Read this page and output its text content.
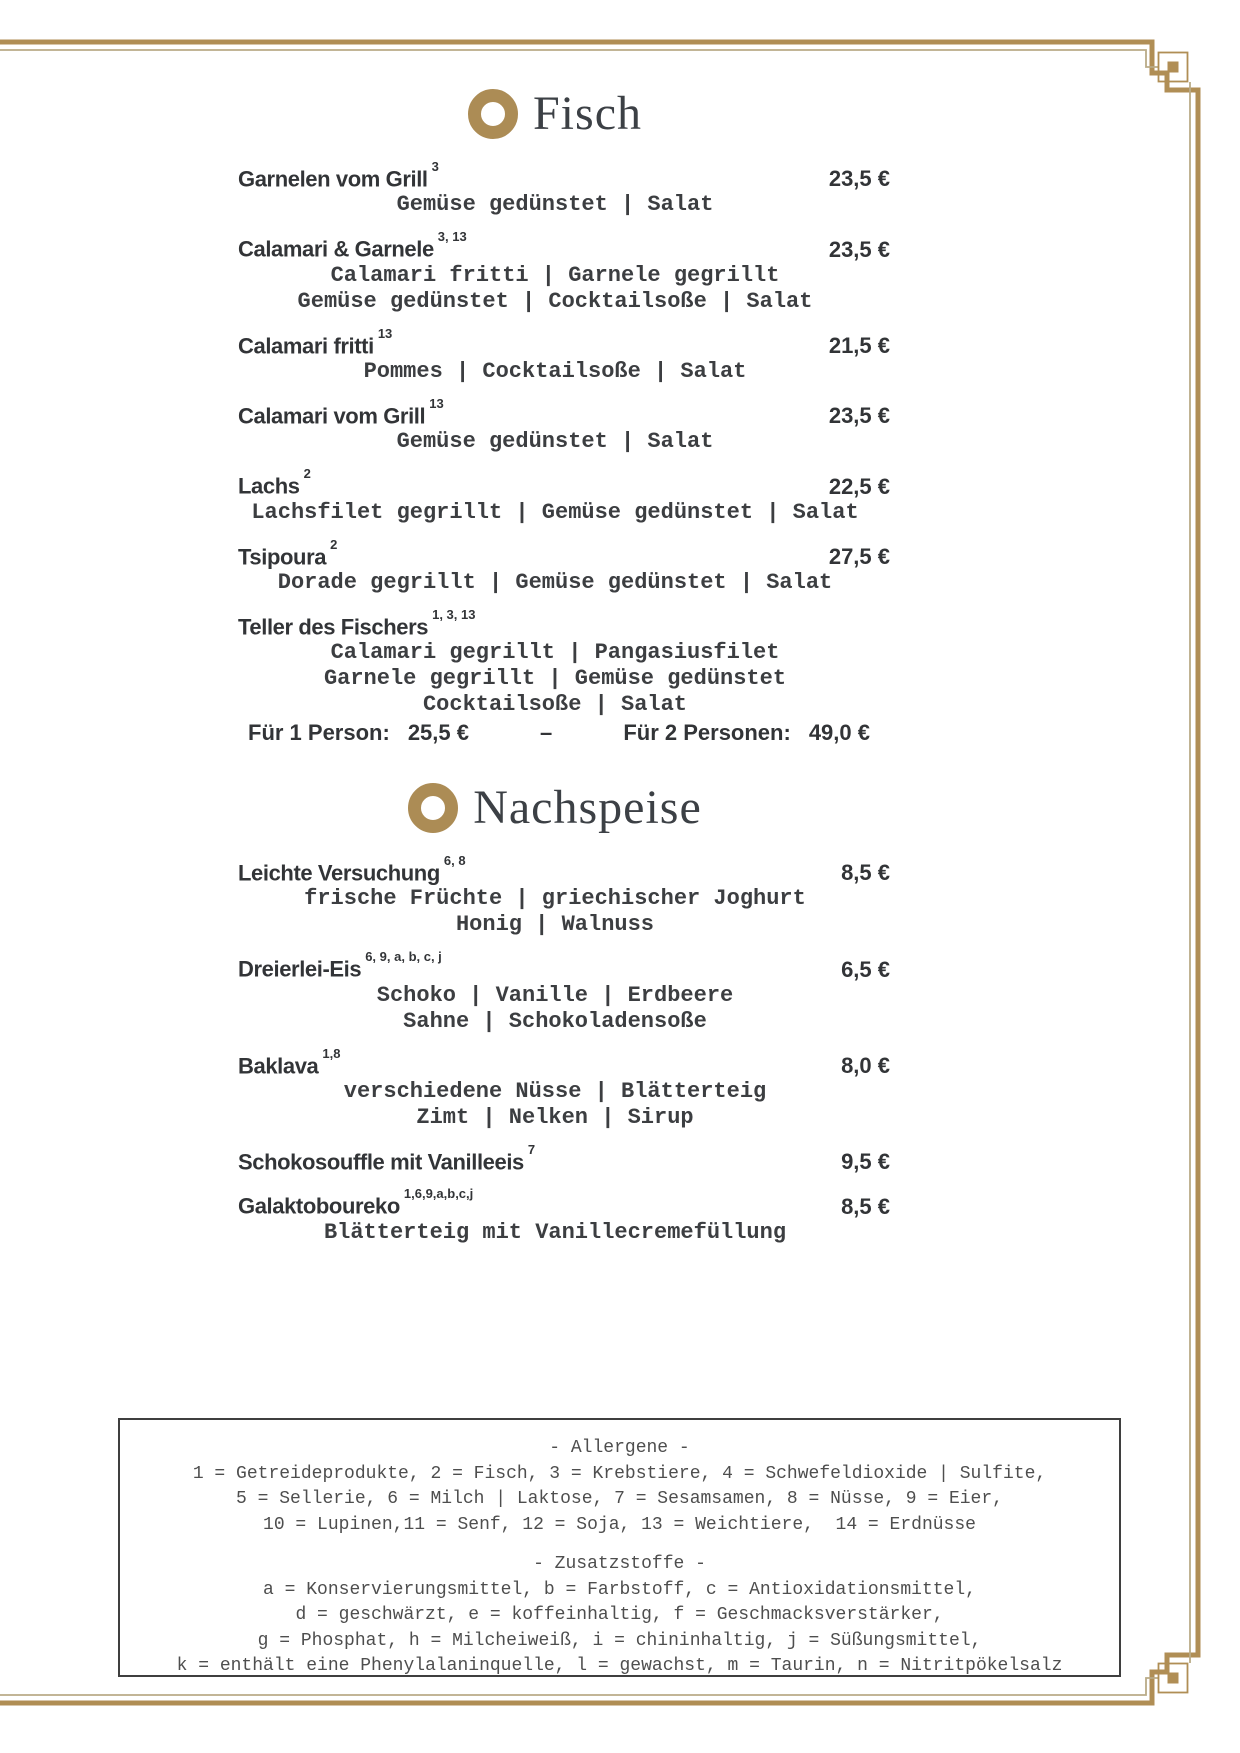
Fisch
Garnelen vom Grill $^3$	23,5 €
Gemüse gedünstet | Salat
Calamari & Garnele $^{3, 13}$	23,5 €
Calamari fritti | Garnele gegrillt
Gemüse gedünstet | Cocktailsoße | Salat
Calamari fritti $^{13}$	21,5 €
Pommes | Cocktailsoße | Salat
Calamari vom Grill $^{13}$	23,5 €
Gemüse gedünstet | Salat
Lachs $^2$	22,5 €
Lachsfilet gegrillt | Gemüse gedünstet | Salat
Tsipoura $^2$	27,5 €
Dorade gegrillt | Gemüse gedünstet | Salat
Teller des Fischers $^{1, 3, 13}$
Calamari gegrillt | Pangasiusfilet
Garnele gegrillt | Gemüse gedünstet
Cocktailsoße | Salat
Für 1 Person: 25,5 €	–	Für 2 Personen: 49,0 €
Nachspeise
Leichte Versuchung $^{6, 8}$	8,5 €
frische Früchte | griechischer Joghurt
Honig | Walnuss
Dreierlei-Eis $^{6, 9, a, b, c, j}$	6,5 €
Schoko | Vanille | Erdbeere
Sahne | Schokoladensoße
Baklava $^{1,8}$	8,0 €
verschiedene Nüsse | Blätterteig
Zimt | Nelken | Sirup
Schokosouffle mit Vanilleeis $^7$	9,5 €
Galaktoboureko $^{1,6,9,a,b,c,j}$	8,5 €
Blätterteig mit Vanillecremefüllung
- Allergene -
1 = Getreideprodukte, 2 = Fisch, 3 = Krebstiere, 4 = Schwefeldioxide | Sulfite,
5 = Sellerie, 6 = Milch | Laktose, 7 = Sesamsamen, 8 = Nüsse, 9 = Eier,
10 = Lupinen,11 = Senf, 12 = Soja, 13 = Weichtiere,  14 = Erdnüsse
- Zusatzstoffe -
a = Konservierungsmittel, b = Farbstoff, c = Antioxidationsmittel,
d = geschwärzt, e = koffeinhaltig, f = Geschmacksverstärker,
g = Phosphat, h = Milcheiweiß, i = chininhaltig, j = Süßungsmittel,
k = enthält eine Phenylalaninquelle, l = gewachst, m = Taurin, n = Nitritpökelsalz
